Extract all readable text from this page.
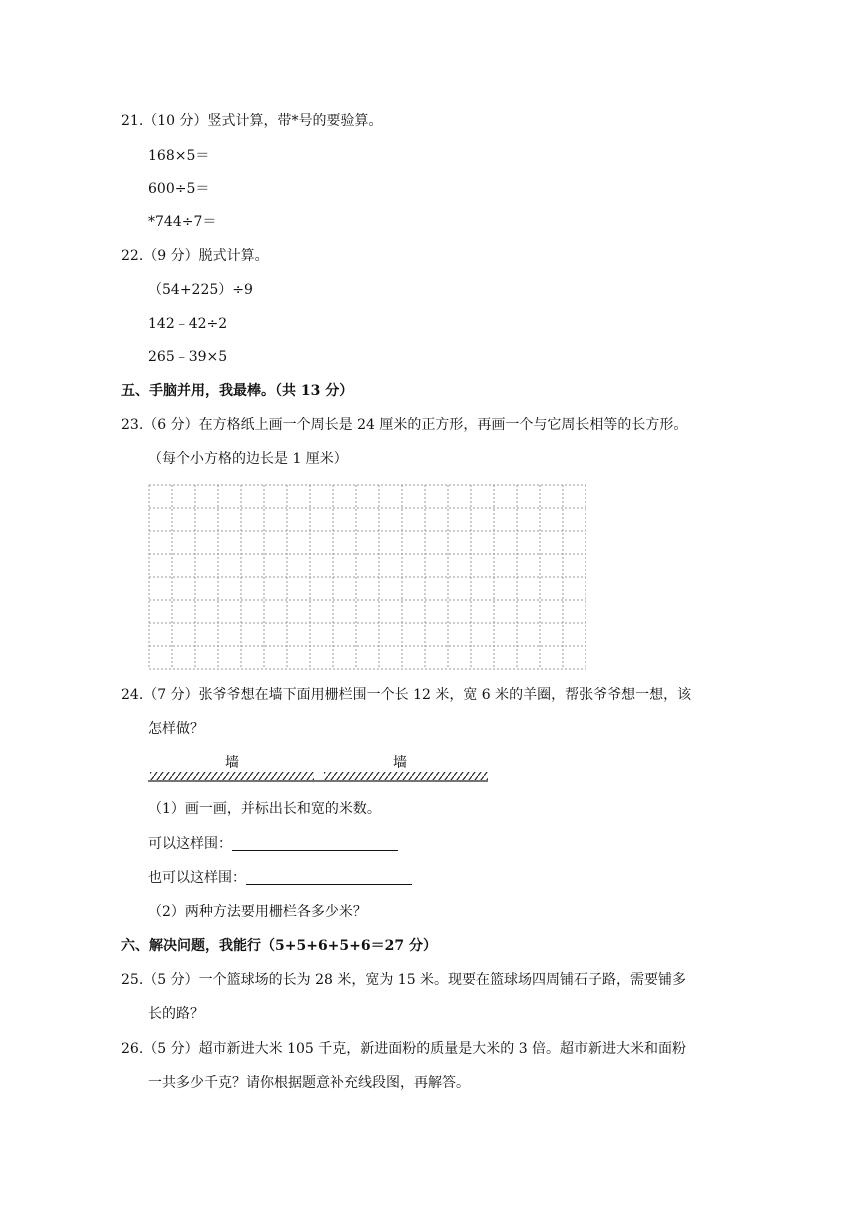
21.（10 分）竖式计算，带*号的要验算。
168×5＝
600÷5＝
*744÷7＝
22.（9 分）脱式计算。
（54+225）÷9
142﹣42÷2
265﹣39×5
五、手脑并用，我最棒。（共 13 分）
23.（6 分）在方格纸上画一个周长是 24 厘米的正方形，再画一个与它周长相等的长方形。
（每个小方格的边长是 1 厘米）
24.（7 分）张爷爷想在墙下面用栅栏围一个长 12 米，宽 6 米的羊圈，帮张爷爷想一想，该
怎样做？
墙	墙
（1）画一画，并标出长和宽的米数。
可以这样围：
也可以这样围：
（2）两种方法要用栅栏各多少米？
六、解决问题，我能行（5+5+6+5+6＝27 分）
25.（5 分）一个篮球场的长为 28 米，宽为 15 米。现要在篮球场四周铺石子路，需要铺多
长的路？
26.（5 分）超市新进大米 105 千克，新进面粉的质量是大米的 3 倍。超市新进大米和面粉
一共多少千克？请你根据题意补充线段图，再解答。
